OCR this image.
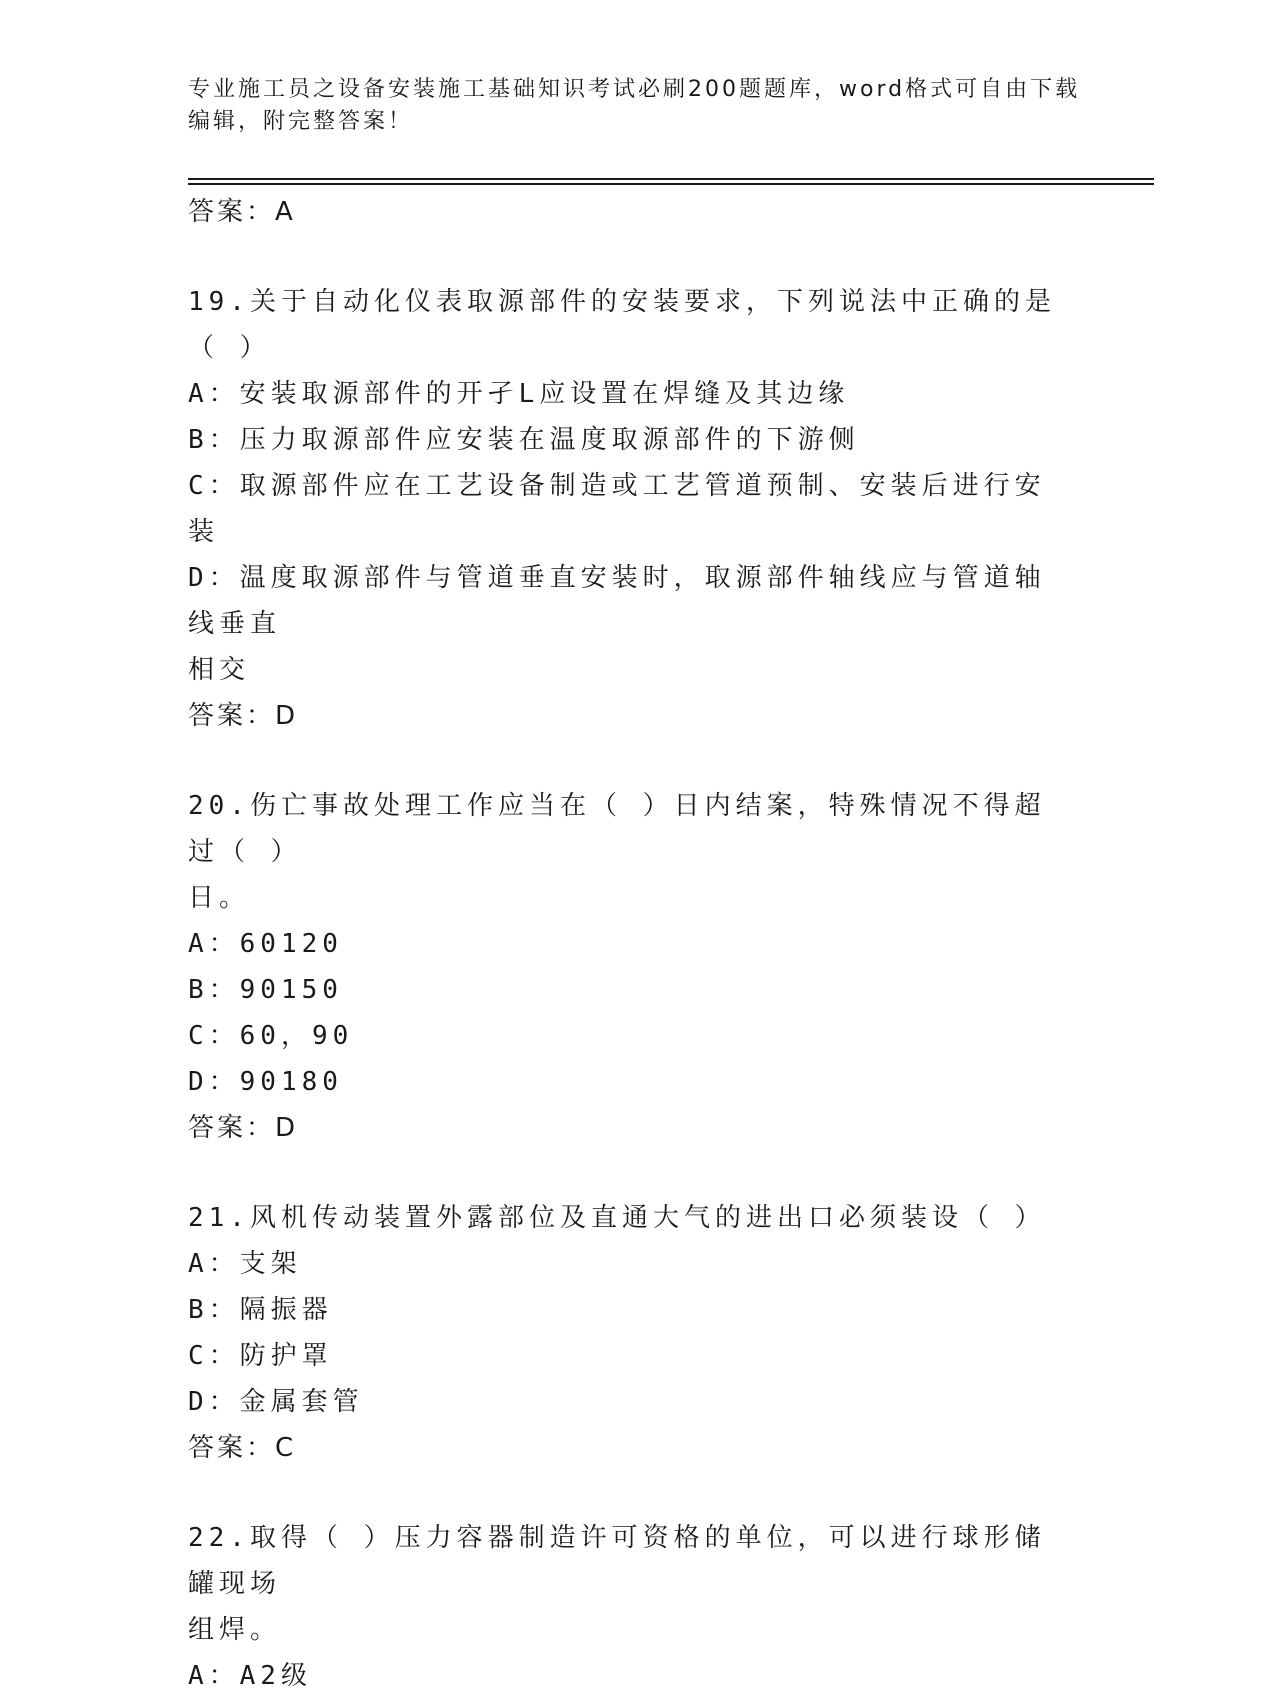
专业施工员之设备安装施工基础知识考试必刷200题题库，word格式可自由下载
编辑，附完整答案！
答案：A
19.关于自动化仪表取源部件的安装要求，下列说法中正确的是（ ）
A：安装取源部件的开孑L应设置在焊缝及其边缘
B：压力取源部件应安装在温度取源部件的下游侧
C：取源部件应在工艺设备制造或工艺管道预制、安装后进行安装
D：温度取源部件与管道垂直安装时，取源部件轴线应与管道轴线垂直
相交
答案：D
20.伤亡事故处理工作应当在（ ）日内结案，特殊情况不得超过（ ）
日。
A：60120
B：90150
C：60，90
D：90180
答案：D
21.风机传动装置外露部位及直通大气的进出口必须装设（ ）
A：支架
B：隔振器
C：防护罩
D：金属套管
答案：C
22.取得（ ）压力容器制造许可资格的单位，可以进行球形储罐现场
组焊。
A：A2级
